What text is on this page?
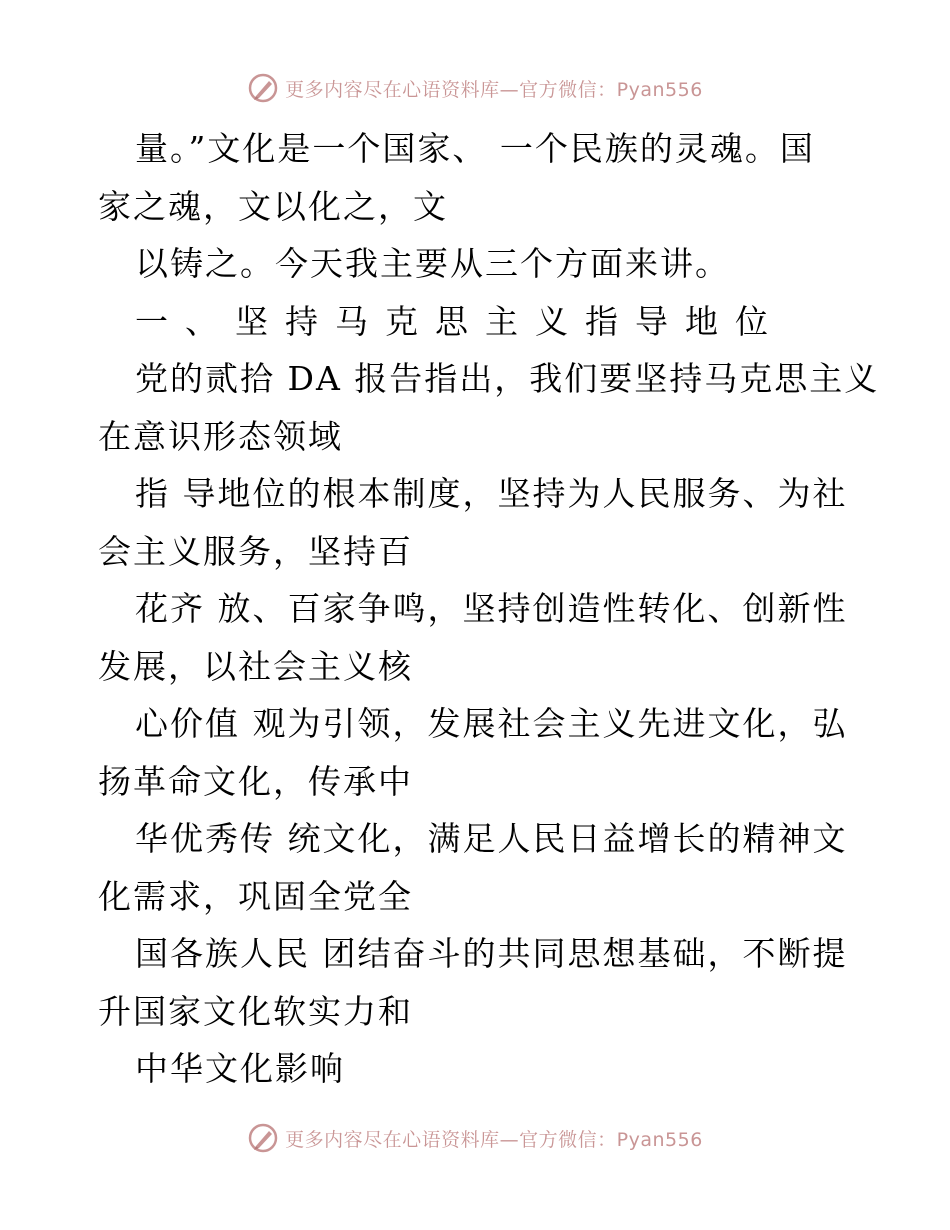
更多内容尽在心语资料库—官方微信：Pyan556
量。”文化是一个国家、 一个民族的灵魂。国
家之魂，文以化之，文
以铸之。今天我主要从三个方面来讲。
一、坚持马克思主义指导地位
党的贰拾 DA 报告指出，我们要坚持马克思主义
在意识形态领域
指 导地位的根本制度，坚持为人民服务、为社
会主义服务，坚持百
花齐 放、百家争鸣，坚持创造性转化、创新性
发展，以社会主义核
心价值 观为引领，发展社会主义先进文化，弘
扬革命文化，传承中
华优秀传 统文化，满足人民日益增长的精神文
化需求，巩固全党全
国各族人民 团结奋斗的共同思想基础，不断提
升国家文化软实力和
中华文化影响
更多内容尽在心语资料库—官方微信：Pyan556
